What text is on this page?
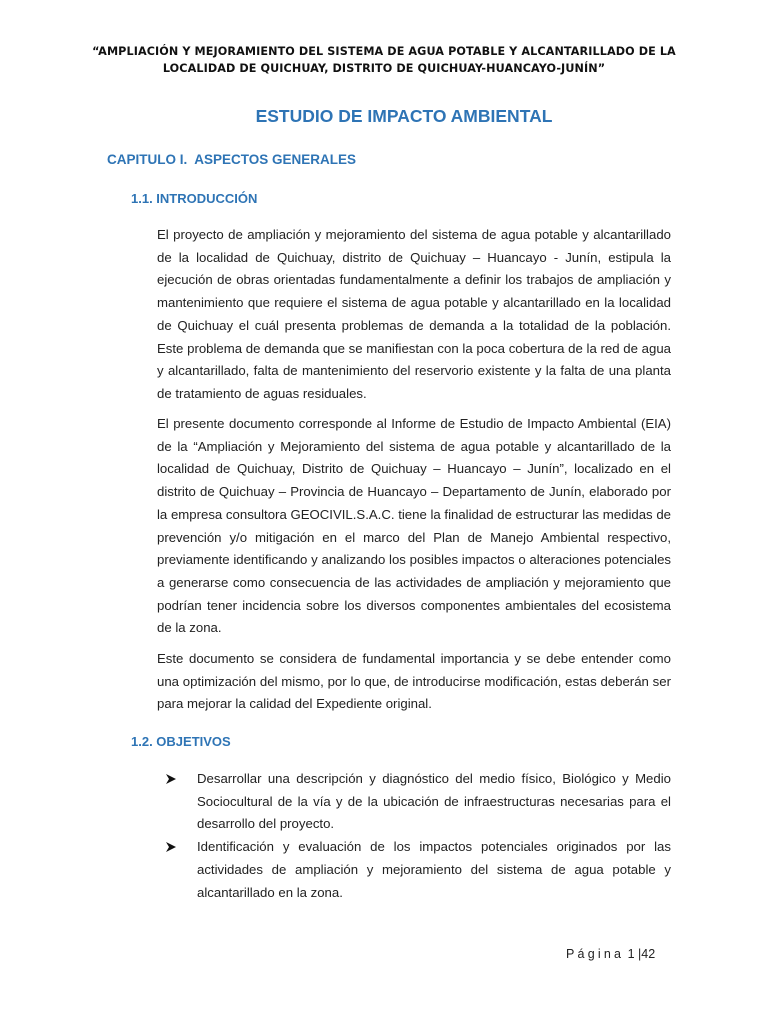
“AMPLIACIÓN Y MEJORAMIENTO DEL SISTEMA DE AGUA POTABLE Y ALCANTARILLADO DE LA
LOCALIDAD DE QUICHUAY, DISTRITO DE QUICHUAY-HUANCAYO-JUNÍN”
ESTUDIO DE IMPACTO AMBIENTAL
CAPITULO I.  ASPECTOS GENERALES
1.1. INTRODUCCIÓN

El proyecto de ampliación y mejoramiento del sistema de agua potable y alcantarillado de la localidad de Quichuay, distrito de Quichuay – Huancayo - Junín, estipula la ejecución de obras orientadas fundamentalmente a definir los trabajos de ampliación y mantenimiento que requiere el sistema de agua potable y alcantarillado en la localidad de Quichuay el cuál presenta problemas de demanda a la totalidad de la población. Este problema de demanda que se manifiestan con la poca cobertura de la red de agua y alcantarillado, falta de mantenimiento del reservorio existente y la falta de una planta de tratamiento de aguas residuales.

El presente documento corresponde al Informe de Estudio de Impacto Ambiental (EIA) de la “Ampliación y Mejoramiento del sistema de agua potable y alcantarillado de la localidad de Quichuay, Distrito de Quichuay – Huancayo – Junín”, localizado en el distrito de Quichuay – Provincia de Huancayo – Departamento de Junín, elaborado por la empresa consultora GEOCIVIL.S.A.C. tiene la finalidad de estructurar las medidas de prevención y/o mitigación en el marco del Plan de Manejo Ambiental respectivo, previamente identificando y analizando los posibles impactos o alteraciones potenciales a generarse como consecuencia de las actividades de ampliación y mejoramiento que podrían tener incidencia sobre los diversos componentes ambientales del ecosistema de la zona.

Este documento se considera de fundamental importancia y se debe entender como una optimización del mismo, por lo que, de introducirse modificación, estas deberán ser para mejorar la calidad del Expediente original.

1.2. OBJETIVOS
Desarrollar una descripción y diagnóstico del medio físico, Biológico y Medio Sociocultural de la vía y de la ubicación de infraestructuras necesarias para el desarrollo del proyecto.
Identificación y evaluación de los impactos potenciales originados por las actividades de ampliación y mejoramiento del sistema de agua potable y alcantarillado en la zona.
Página 1 |42
